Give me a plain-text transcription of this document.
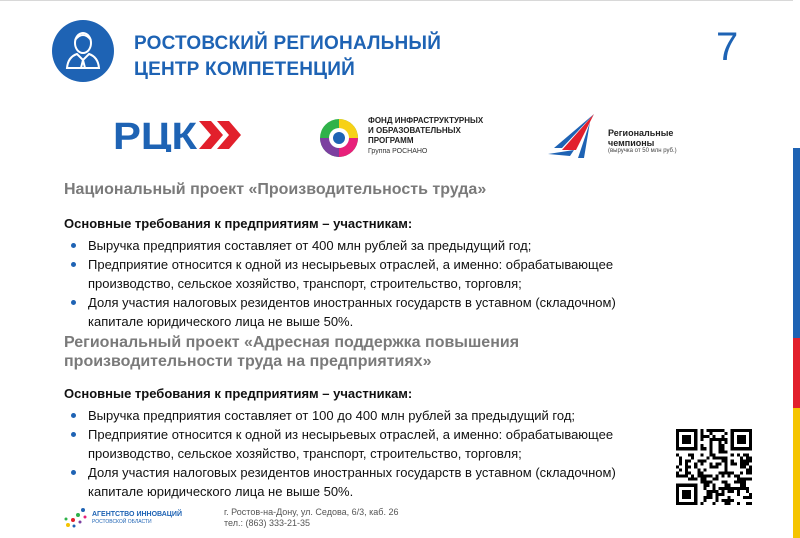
РОСТОВСКИЙ РЕГИОНАЛЬНЫЙ
ЦЕНТР КОМПЕТЕНЦИЙ
7
РЦК	ФОНД ИНФРАСТРУКТУРНЫХ
И ОБРАЗОВАТЕЛЬНЫХ
ПРОГРАММ
Группа РОСНАНО
Региональные
чемпионы
(выручка от 50 млн руб.)
Национальный проект «Производительность труда»
Основные требования к предприятиям – участникам:
Выручка предприятия составляет от 400 млн рублей за предыдущий год;
Предприятие относится к одной из несырьевых отраслей, а именно: обрабатывающее
производство, сельское хозяйство, транспорт, строительство, торговля;
Доля участия налоговых резидентов иностранных государств в уставном (складочном)
капитале юридического лица не выше 50%.
Региональный проект «Адресная поддержка повышения
производительности труда на предприятиях»
Основные требования к предприятиям – участникам:
Выручка предприятия составляет от 100 до 400 млн рублей за предыдущий год;
Предприятие относится к одной из несырьевых отраслей, а именно: обрабатывающее
производство, сельское хозяйство, транспорт, строительство, торговля;
Доля участия налоговых резидентов иностранных государств в уставном (складочном)
капитале юридического лица не выше 50%.
АГЕНТСТВО ИННОВАЦИЙ
РОСТОВСКОЙ ОБЛАСТИ
г. Ростов-на-Дону, ул. Седова, 6/3, каб. 26
тел.: (863) 333-21-35
